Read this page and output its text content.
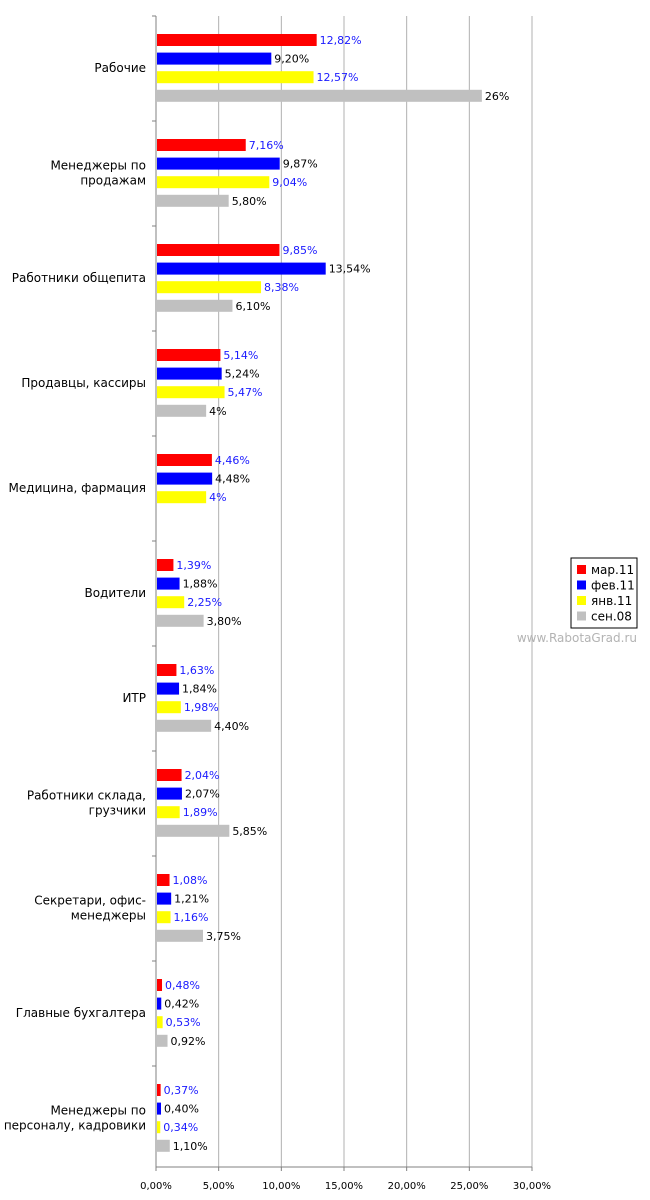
12,82%
9,20%
12,57%
26%
7,16%
9,87%
9,04%
5,80%
9,85%
13,54%
8,38%
6,10%
5,14%
5,24%
5,47%
4%
4,46%
4,48%
4%
1,39%
1,88%
2,25%
3,80%
1,63%
1,84%
1,98%
4,40%
2,04%
2,07%
1,89%
5,85%
1,08%
1,21%
1,16%
3,75%
0,48%
0,42%
0,53%
0,92%
0,37%
0,40%
0,34%
1,10%
0,00%	5,00%	10,00% 15,00% 20,00% 25,00% 30,00%
Рабочие
Менеджеры по
продажам
Работники общепита
Продавцы, кассиры
Медицина, фармация
Водители
ИТР
Работники склада,
грузчики
Секретари, офис-
менеджеры
Главные бухгалтера
Менеджеры по
персоналу, кадровики
мар.11
фев.11
янв.11
сен.08
www.RabotaGrad.ru
